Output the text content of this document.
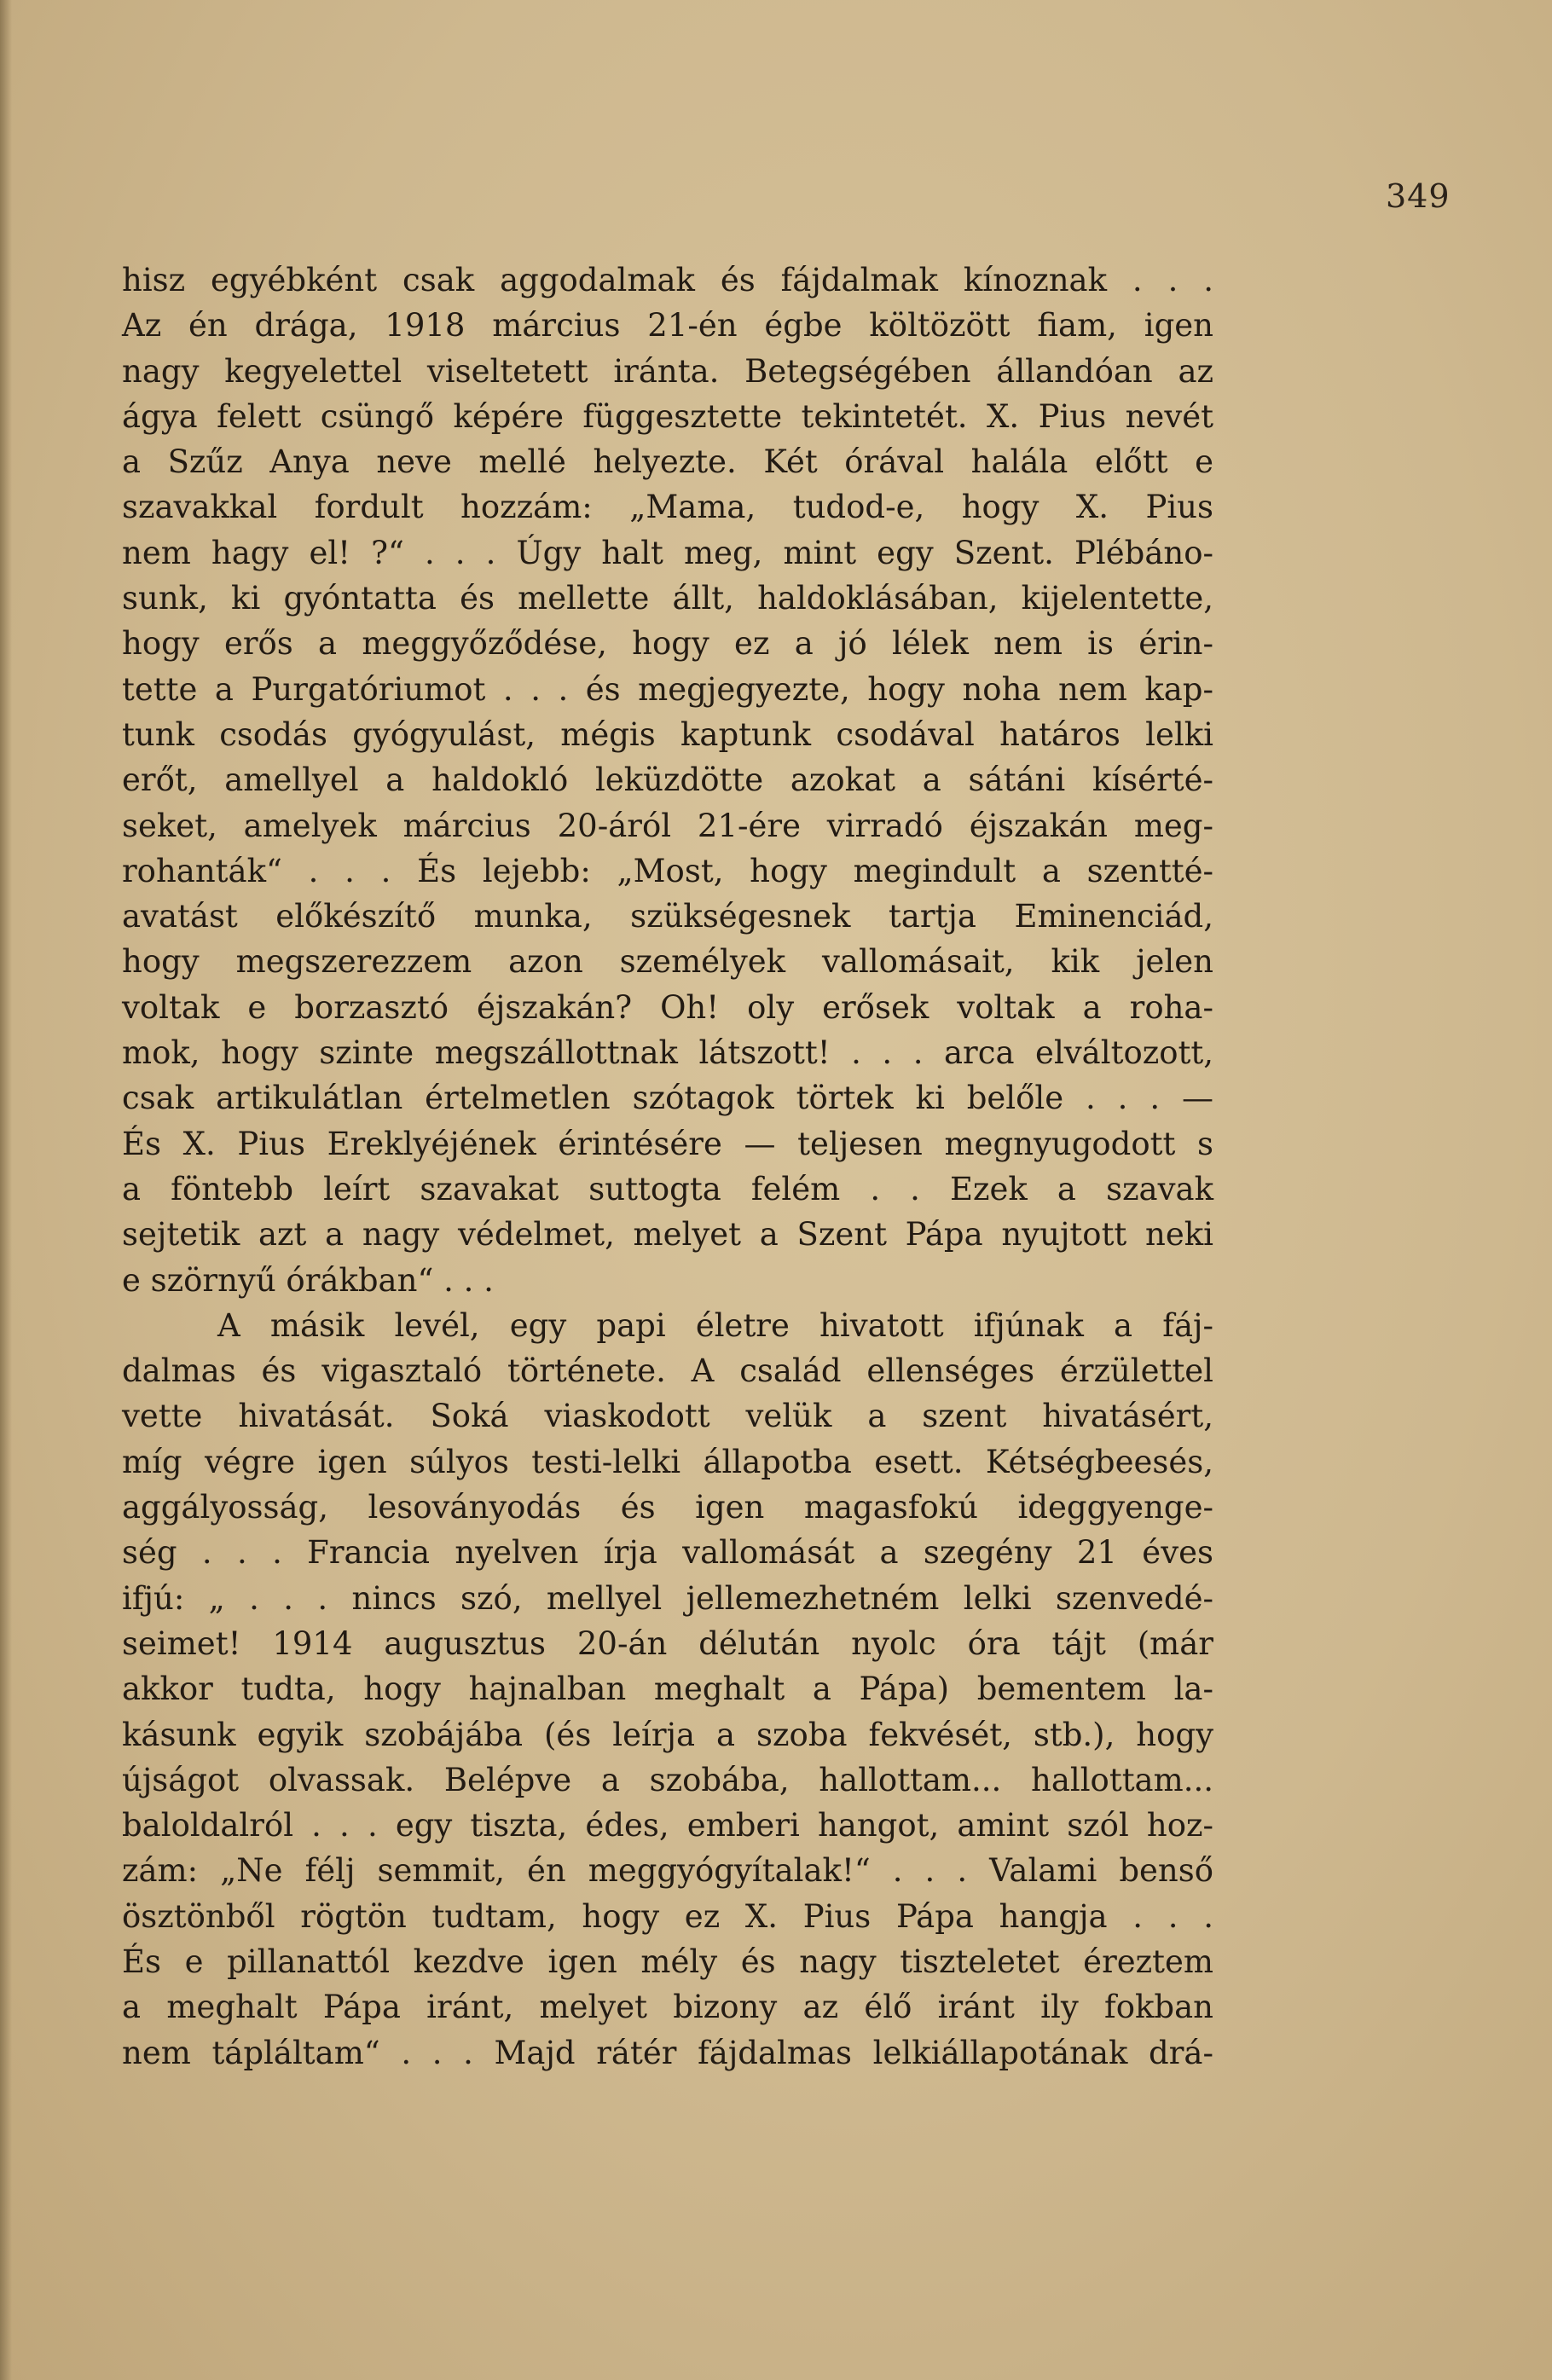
349
hisz egyébként csak aggodalmak és fájdalmak kínoznak . . .
Az én drága, 1918 március 21-én égbe költözött fiam, igen
nagy kegyelettel viseltetett iránta. Betegségében állandóan az
ágya felett csüngő képére függesztette tekintetét. X. Pius nevét
a Szűz Anya neve mellé helyezte. Két órával halála előtt e
szavakkal fordult hozzám: „Mama, tudod-e, hogy X. Pius
nem hagy el! ?“ . . . Úgy halt meg, mint egy Szent. Plébáno-
sunk, ki gyóntatta és mellette állt, haldoklásában, kijelentette,
hogy erős a meggyőződése, hogy ez a jó lélek nem is érin-
tette a Purgatóriumot . . . és megjegyezte, hogy noha nem kap-
tunk csodás gyógyulást, mégis kaptunk csodával határos lelki
erőt, amellyel a haldokló leküzdötte azokat a sátáni kísérté-
seket, amelyek március 20-áról 21-ére virradó éjszakán meg-
rohanták“ . . . És lejebb: „Most, hogy megindult a szentté-
avatást előkészítő munka, szükségesnek tartja Eminenciád,
hogy megszerezzem azon személyek vallomásait, kik jelen
voltak e borzasztó éjszakán? Oh! oly erősek voltak a roha-
mok, hogy szinte megszállottnak látszott! . . . arca elváltozott,
csak artikulátlan értelmetlen szótagok törtek ki belőle . . . —
És X. Pius Ereklyéjének érintésére — teljesen megnyugodott s
a föntebb leírt szavakat suttogta felém . . Ezek a szavak
sejtetik azt a nagy védelmet, melyet a Szent Pápa nyujtott neki
e szörnyű órákban“ . . .
A másik levél, egy papi életre hivatott ifjúnak a fáj-
dalmas és vigasztaló története. A család ellenséges érzülettel
vette hivatását. Soká viaskodott velük a szent hivatásért,
míg végre igen súlyos testi-lelki állapotba esett. Kétségbeesés,
aggályosság, lesoványodás és igen magasfokú ideggyenge-
ség . . . Francia nyelven írja vallomását a szegény 21 éves
ifjú: „ . . . nincs szó, mellyel jellemezhetném lelki szenvedé-
seimet! 1914 augusztus 20-án délután nyolc óra tájt (már
akkor tudta, hogy hajnalban meghalt a Pápa) bementem la-
kásunk egyik szobájába (és leírja a szoba fekvését, stb.), hogy
újságot olvassak. Belépve a szobába, hallottam... hallottam...
baloldalról . . . egy tiszta, édes, emberi hangot, amint szól hoz-
zám: „Ne félj semmit, én meggyógyítalak!“ . . . Valami benső
ösztönből rögtön tudtam, hogy ez X. Pius Pápa hangja . . .
És e pillanattól kezdve igen mély és nagy tiszteletet éreztem
a meghalt Pápa iránt, melyet bizony az élő iránt ily fokban
nem tápláltam“ . . . Majd rátér fájdalmas lelkiállapotának drá-
